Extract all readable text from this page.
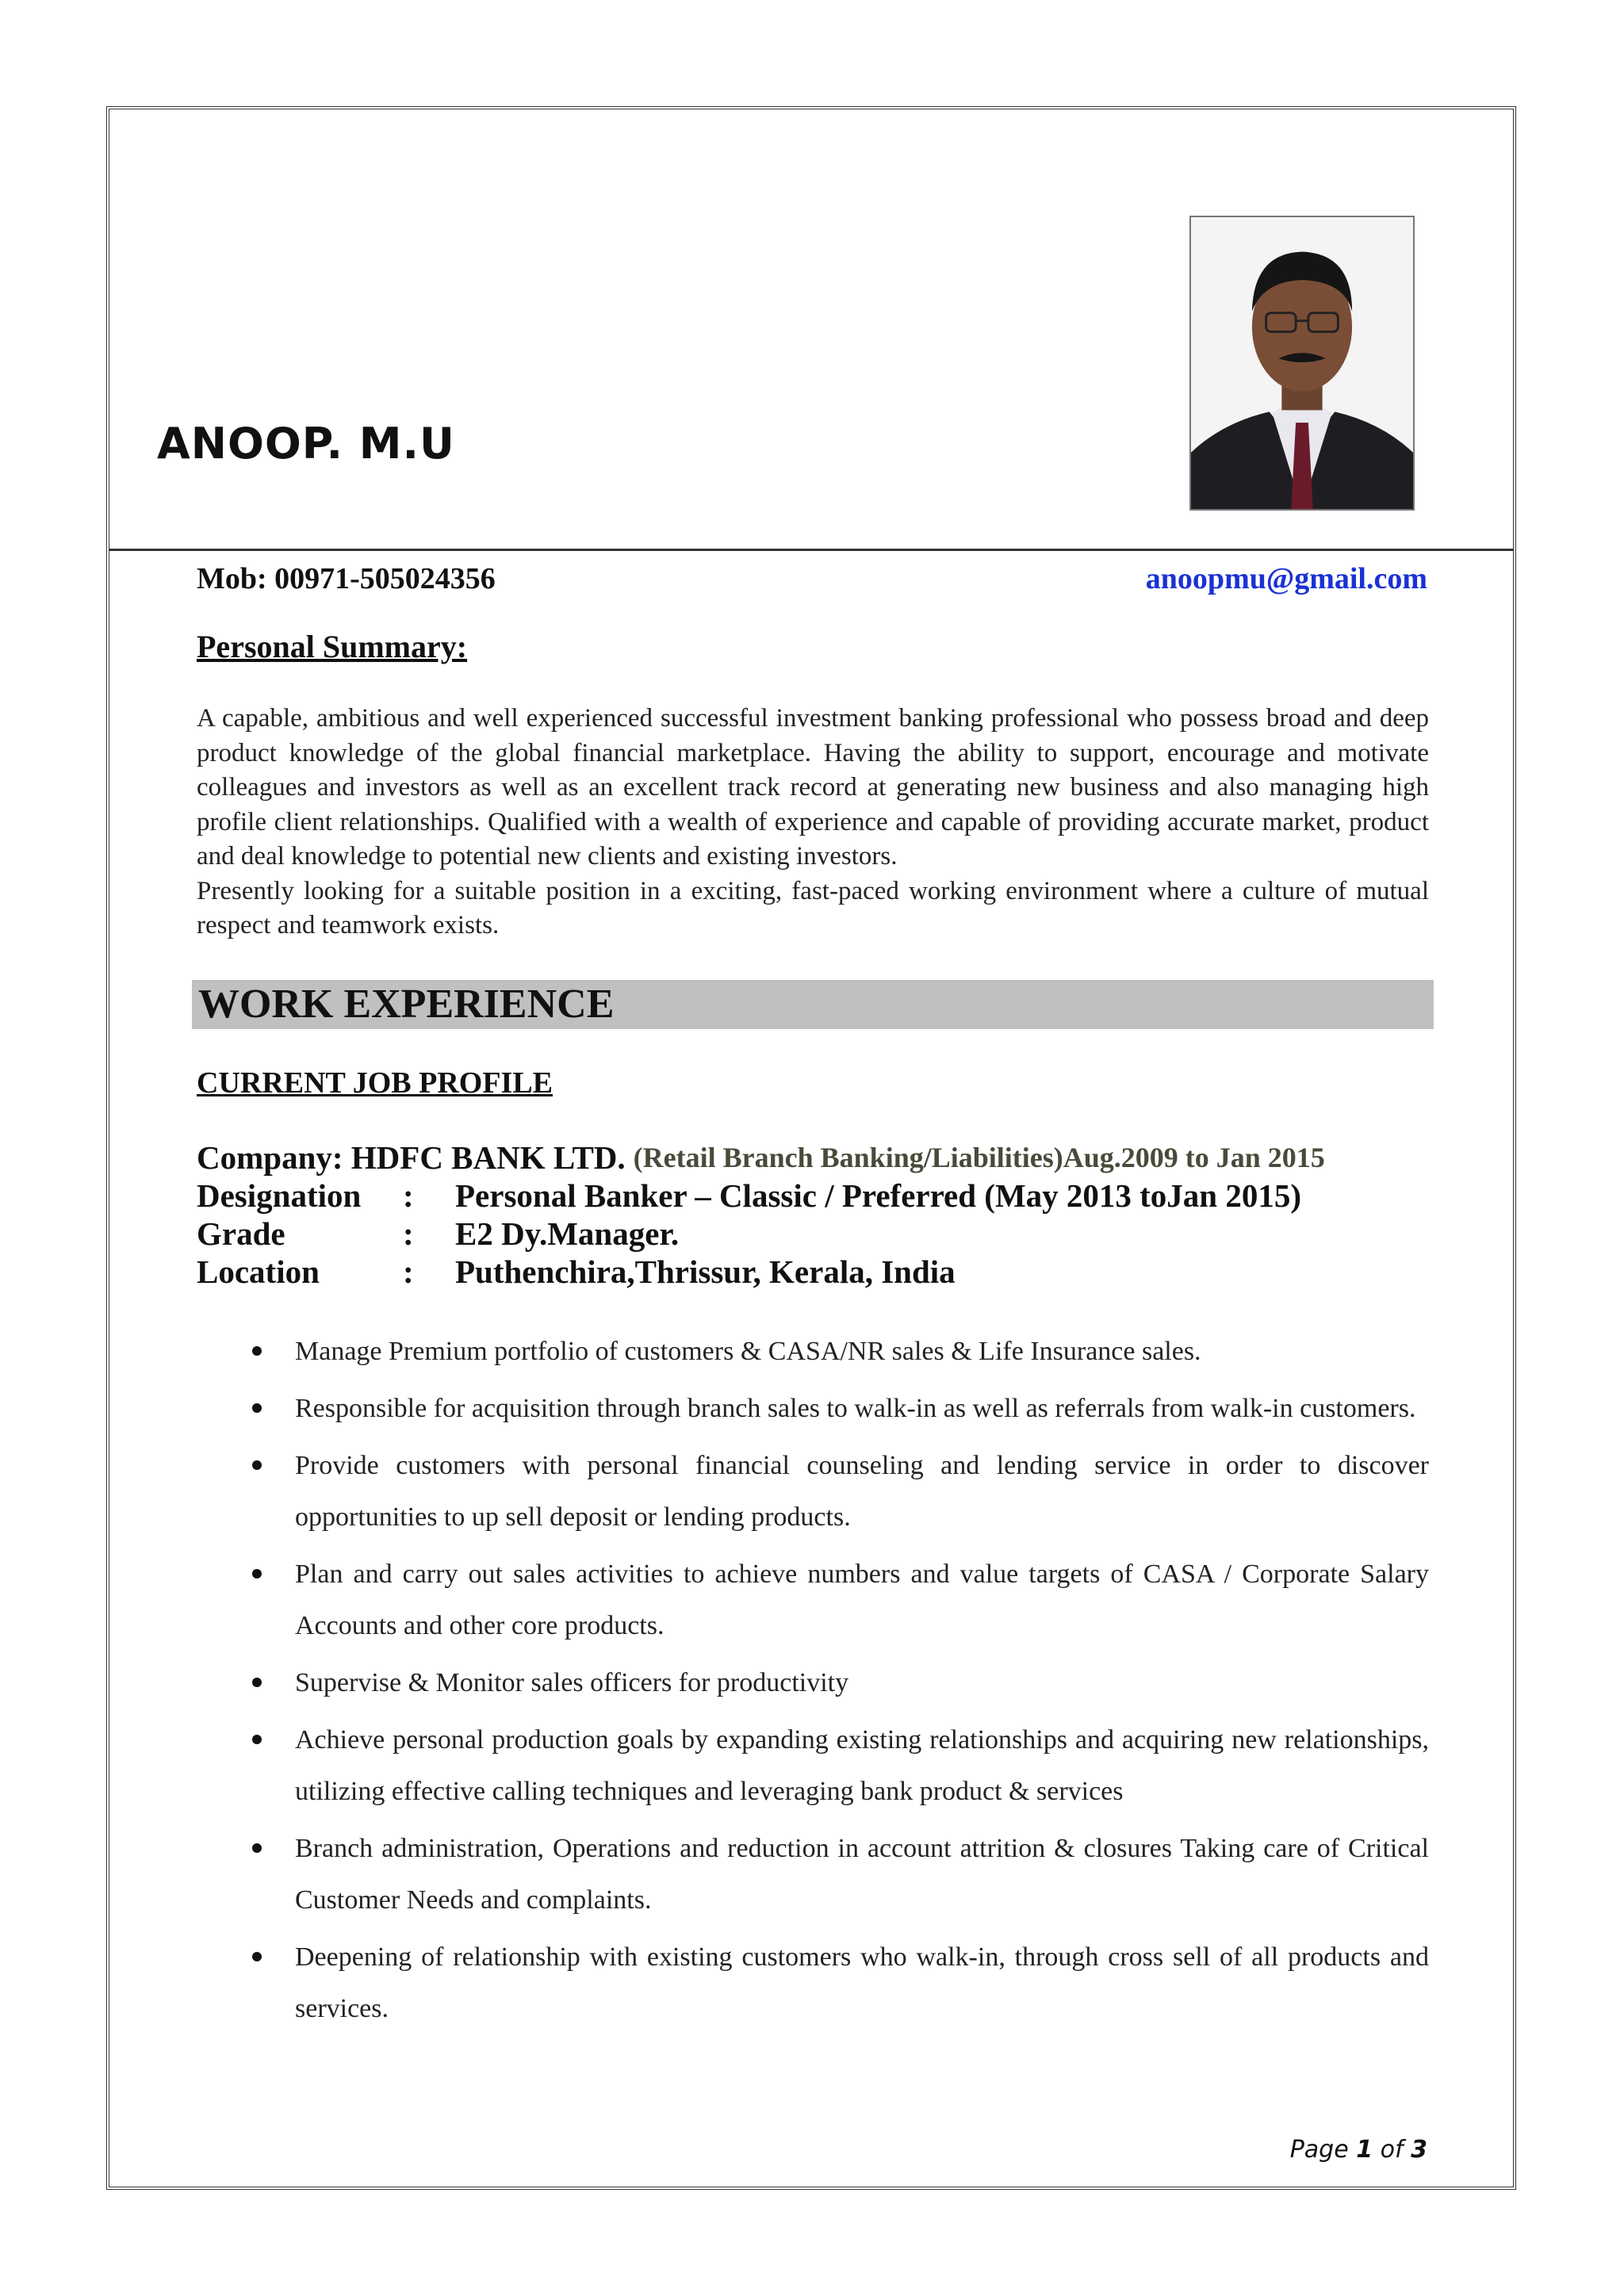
ANOOP. M.U
Mob: 00971-505024356	anoopmu@gmail.com
Personal Summary:

A capable, ambitious and well experienced successful investment banking professional who possess broad and deep product knowledge of the global financial marketplace. Having the ability to support, encourage and motivate colleagues and investors as well as an excellent track record at generating new business and also managing high profile client relationships. Qualified with a wealth of experience and capable of providing accurate market, product and deal knowledge to potential new clients and existing investors.

Presently looking for a suitable position in a exciting, fast-paced working environment where a culture of mutual respect and teamwork exists.

WORK EXPERIENCE
CURRENT JOB PROFILE
Company: HDFC BANK LTD. (Retail Branch Banking/Liabilities)Aug.2009 to Jan 2015
Designation	:	Personal Banker – Classic / Preferred (May 2013 toJan 2015)
Grade	:	E2 Dy.Manager.
Location	:	Puthenchira,Thrissur, Kerala, India
Manage Premium portfolio of customers & CASA/NR sales & Life Insurance sales.
Responsible for acquisition through branch sales to walk-in as well as referrals from walk-in customers.
Provide customers with personal financial counseling and lending service in order to discover opportunities to up sell deposit or lending products.
Plan and carry out sales activities to achieve numbers and value targets of CASA / Corporate Salary Accounts and other core products.
Supervise & Monitor sales officers for productivity
Achieve personal production goals by expanding existing relationships and acquiring new relationships, utilizing effective calling techniques and leveraging bank product & services
Branch administration, Operations and reduction in account attrition & closures Taking care of Critical Customer Needs and complaints.
Deepening of relationship with existing customers who walk-in, through cross sell of all products and services.
Page 1 of 3
